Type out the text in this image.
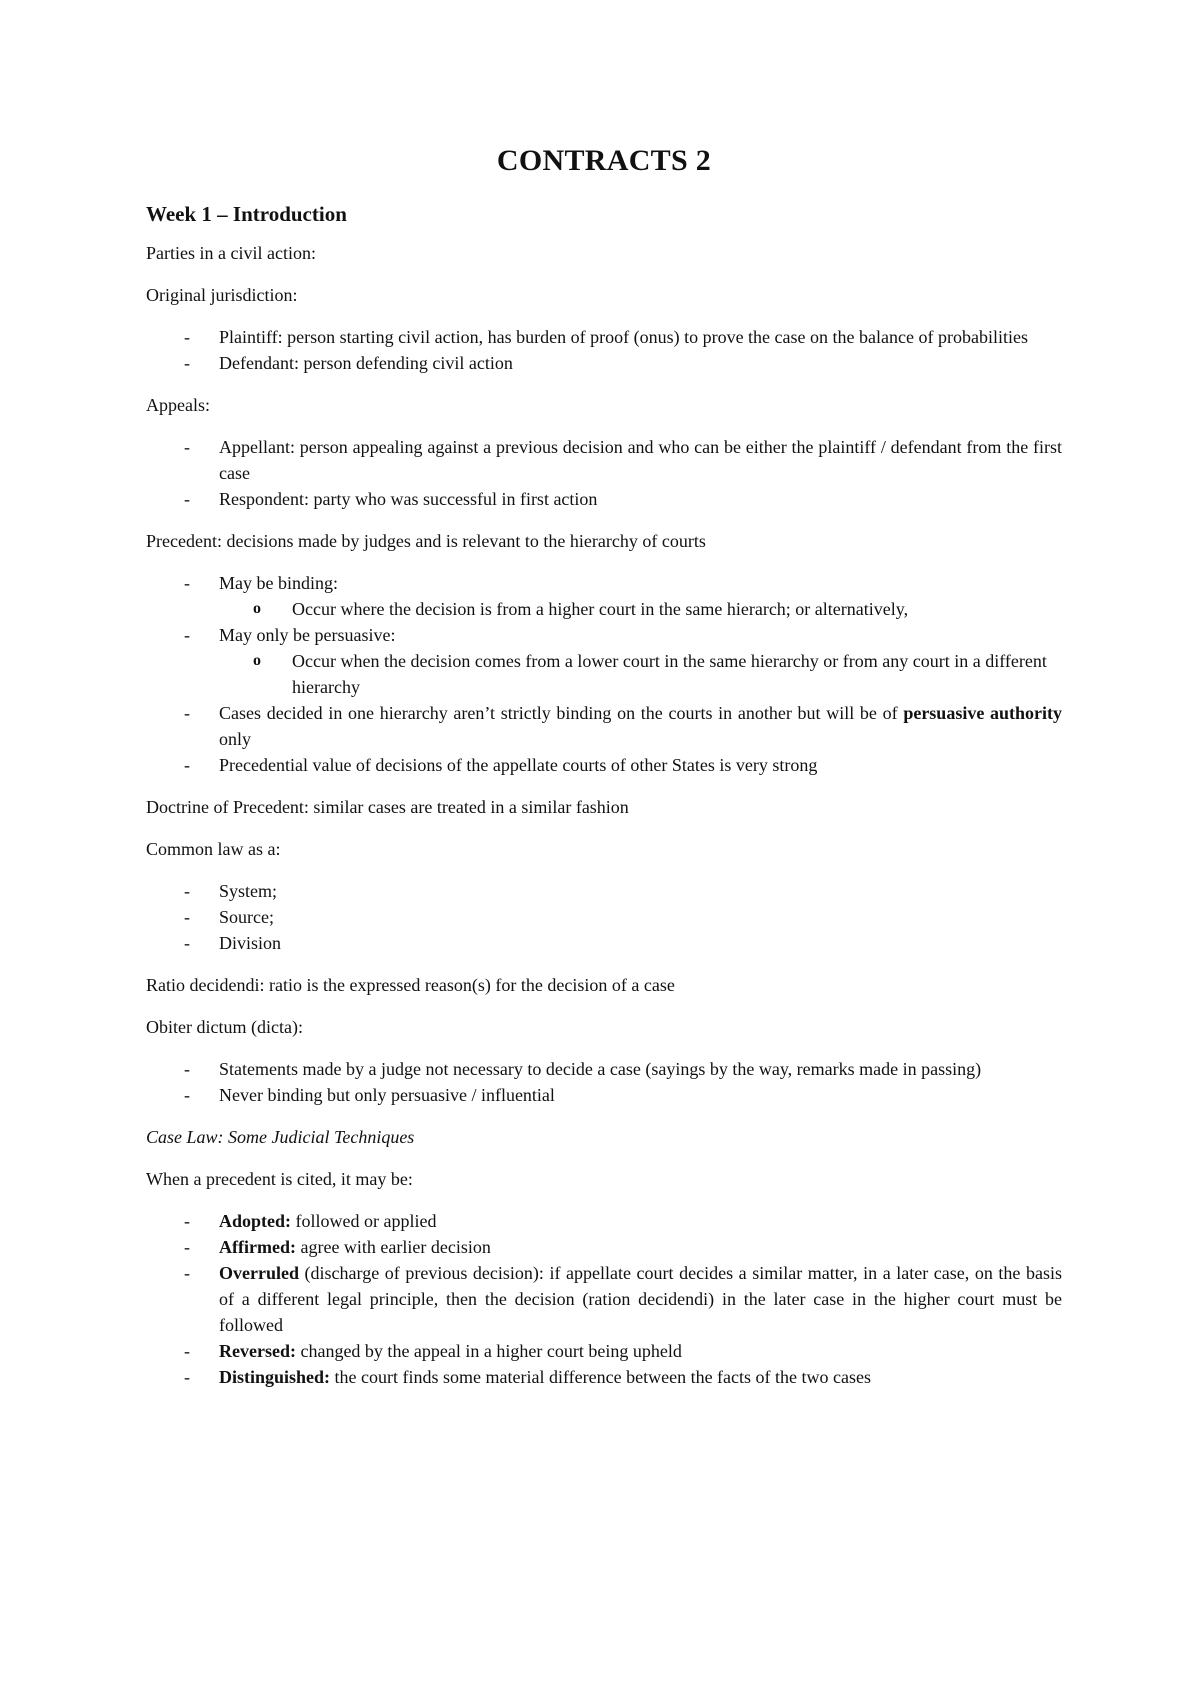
CONTRACTS 2
Week 1 – Introduction

Parties in a civil action:

Original jurisdiction:

- Plaintiff: person starting civil action, has burden of proof (onus) to prove the case on the balance of probabilities
- Defendant: person defending civil action

Appeals:

- Appellant: person appealing against a previous decision and who can be either the plaintiff / defendant from the first case
- Respondent: party who was successful in first action

Precedent: decisions made by judges and is relevant to the hierarchy of courts

- May be binding:
o Occur where the decision is from a higher court in the same hierarch; or alternatively,
- May only be persuasive:
o Occur when the decision comes from a lower court in the same hierarchy or from any court in a different hierarchy
- Cases decided in one hierarchy aren’t strictly binding on the courts in another but will be of persuasive authority only
- Precedential value of decisions of the appellate courts of other States is very strong

Doctrine of Precedent: similar cases are treated in a similar fashion

Common law as a:

- System;
- Source;
- Division

Ratio decidendi: ratio is the expressed reason(s) for the decision of a case

Obiter dictum (dicta):

- Statements made by a judge not necessary to decide a case (sayings by the way, remarks made in passing)
- Never binding but only persuasive / influential

Case Law: Some Judicial Techniques

When a precedent is cited, it may be:

- Adopted: followed or applied
- Affirmed: agree with earlier decision
- Overruled (discharge of previous decision): if appellate court decides a similar matter, in a later case, on the basis of a different legal principle, then the decision (ration decidendi) in the later case in the higher court must be followed
- Reversed: changed by the appeal in a higher court being upheld
- Distinguished: the court finds some material difference between the facts of the two cases
